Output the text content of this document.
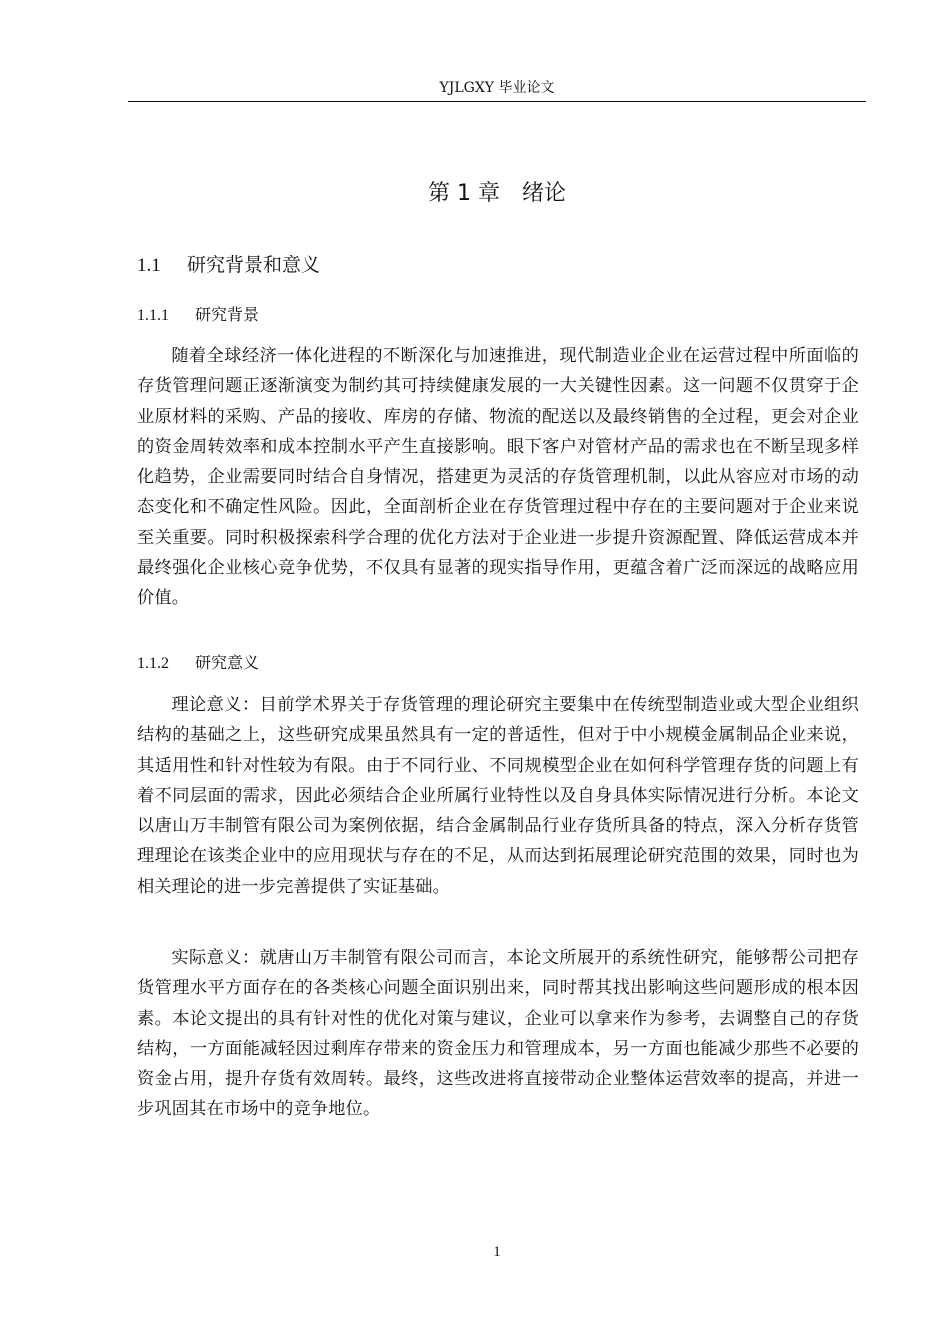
YJLGXY 毕业论文
第 1 章　绪论
1.1 研究背景和意义
1.1.1 研究背景

随着全球经济一体化进程的不断深化与加速推进，现代制造业企业在运营过程中所面临的存货管理问题正逐渐演变为制约其可持续健康发展的一大关键性因素。这一问题不仅贯穿于企业原材料的采购、产品的接收、库房的存储、物流的配送以及最终销售的全过程，更会对企业的资金周转效率和成本控制水平产生直接影响。眼下客户对管材产品的需求也在不断呈现多样化趋势，企业需要同时结合自身情况，搭建更为灵活的存货管理机制，以此从容应对市场的动态变化和不确定性风险。因此，全面剖析企业在存货管理过程中存在的主要问题对于企业来说至关重要。同时积极探索科学合理的优化方法对于企业进一步提升资源配置、降低运营成本并最终强化企业核心竞争优势，不仅具有显著的现实指导作用，更蕴含着广泛而深远的战略应用价值。

1.1.2 研究意义

理论意义：目前学术界关于存货管理的理论研究主要集中在传统型制造业或大型企业组织结构的基础之上，这些研究成果虽然具有一定的普适性，但对于中小规模金属制品企业来说，其适用性和针对性较为有限。由于不同行业、不同规模型企业在如何科学管理存货的问题上有着不同层面的需求，因此必须结合企业所属行业特性以及自身具体实际情况进行分析。本论文以唐山万丰制管有限公司为案例依据，结合金属制品行业存货所具备的特点，深入分析存货管理理论在该类企业中的应用现状与存在的不足，从而达到拓展理论研究范围的效果，同时也为相关理论的进一步完善提供了实证基础。

实际意义：就唐山万丰制管有限公司而言，本论文所展开的系统性研究，能够帮公司把存货管理水平方面存在的各类核心问题全面识别出来，同时帮其找出影响这些问题形成的根本因素。本论文提出的具有针对性的优化对策与建议，企业可以拿来作为参考，去调整自己的存货结构，一方面能减轻因过剩库存带来的资金压力和管理成本，另一方面也能减少那些不必要的资金占用，提升存货有效周转。最终，这些改进将直接带动企业整体运营效率的提高，并进一步巩固其在市场中的竞争地位。

1
